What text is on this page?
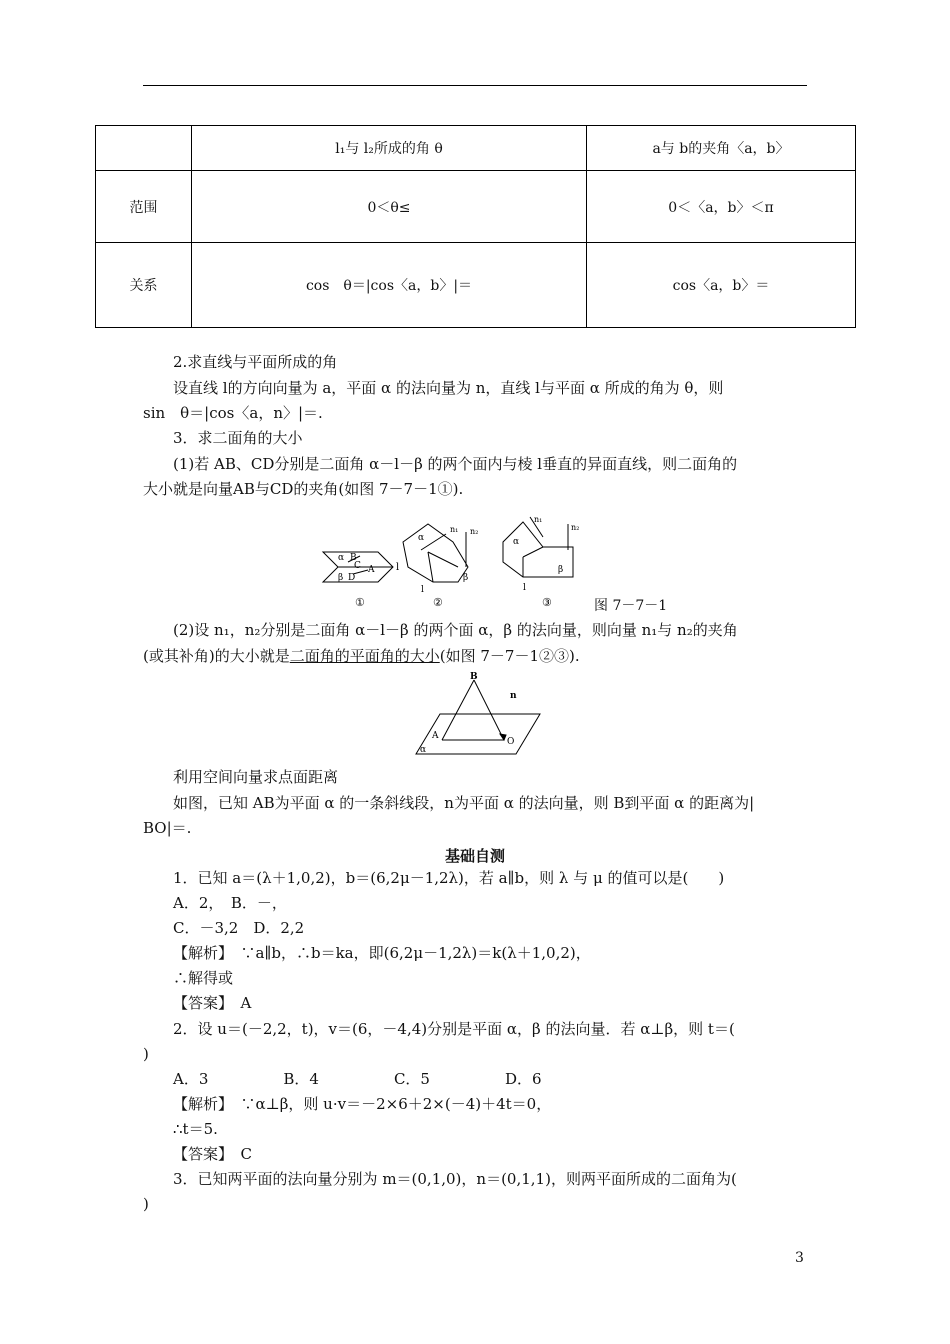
	l₁与 l₂所成的角 θ	a与 b的夹角〈a，b〉
范围	0＜θ≤	0＜〈a，b〉＜π
关系	cos　θ＝|cos〈a，b〉|＝	cos〈a，b〉＝
2.求直线与平面所成的角
设直线 l的方向向量为 a，平面 α 的法向量为 n，直线 l与平面 α 所成的角为 θ，则
sin　θ＝|cos〈a，n〉|＝.
3．求二面角的大小
(1)若 AB、CD分别是二面角 α－l－β 的两个面内与棱 l垂直的异面直线，则二面角的
大小就是向量AB与CD的夹角(如图 7－7－1①).
α B
C
β D
A l
α
n₁ n₂
β
l
α
n₁
n₂
β
l
①	②	③	图 7－7－1
(2)设 n₁，n₂分别是二面角 α－l－β 的两个面 α，β 的法向量，则向量 n₁与 n₂的夹角
(或其补角)的大小就是二面角的平面角的大小(如图 7－7－1②③).
B
n
A
O
α
利用空间向量求点面距离
如图，已知 AB为平面 α 的一条斜线段，n为平面 α 的法向量，则 B到平面 α 的距离为|
BO|＝.
基础自测
1．已知 a＝(λ＋1,0,2)，b＝(6,2μ－1,2λ)，若 a∥b，则 λ 与 μ 的值可以是(　　)
A．2，　B．－，
C．－3,2　D．2,2
【解析】　∵a∥b，∴b＝ka，即(6,2μ－1,2λ)＝k(λ＋1,0,2)，
∴解得或
【答案】　A
2．设 u＝(－2,2，t)，v＝(6，－4,4)分别是平面 α，β 的法向量．若 α⊥β，则 t＝(
)
A．3　　　　　B．4　　　　　C．5　　　　　D．6
【解析】　∵α⊥β，则 u·v＝－2×6＋2×(－4)＋4t＝0，
∴t＝5.
【答案】　C
3．已知两平面的法向量分别为 m＝(0,1,0)，n＝(0,1,1)，则两平面所成的二面角为(
)
3
